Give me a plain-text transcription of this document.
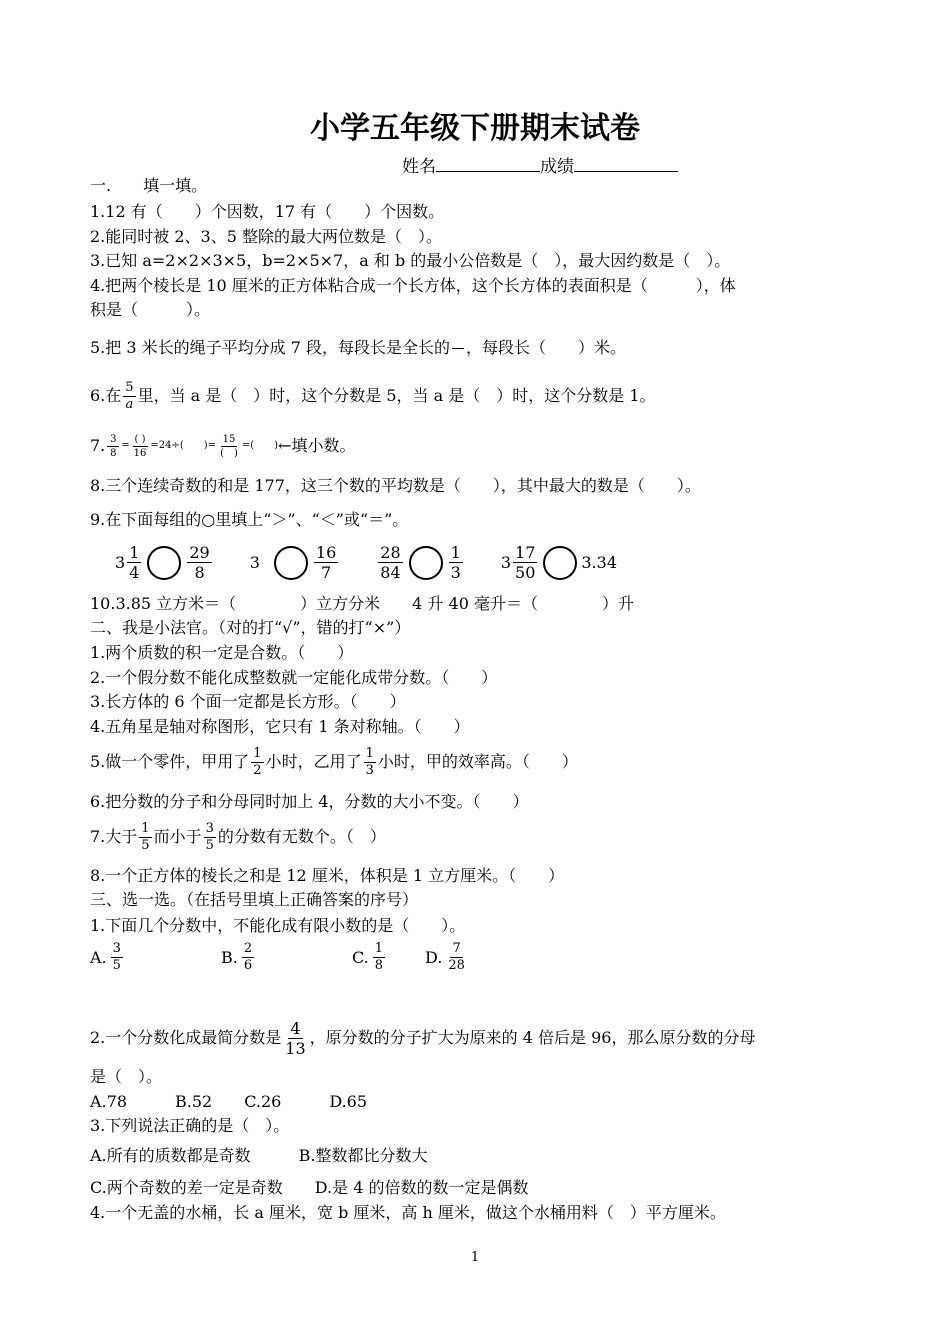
小学五年级下册期末试卷
姓名	成绩
一.　　填一填。
1.12 有（　　）个因数，17 有（　　）个因数。
2.能同时被 2、3、5 整除的最大两位数是（　）。
3.已知 a=2×2×3×5，b=2×5×7，a 和 b 的最小公倍数是（　），最大因约数是（　）。
4.把两个棱长是 10 厘米的正方体粘合成一个长方体，这个长方体的表面积是（　　　），体
积是（　　　）。
5.把 3 米长的绳子平均分成 7 段，每段长是全长的 ，每段长（　　）米。
6.在 $\frac{5}{a}$ 里，当 a 是（　）时，这个分数是 5，当 a 是（　）时，这个分数是 1。
7. $\frac{3}{8}$ =
( )
16
=24÷(　　)=
15
(　)
=(　　) ←填小数。
8.三个连续奇数的和是 177，这三个数的平均数是（　　），其中最大的数是（　　）。
9.在下面每组的○里填上“＞”、“＜”或“＝”。
$3 \frac{1}{4}$	$\frac{29}{8} 3$	$\frac{16}{7}$	$\frac{28}{84}$	$\frac{1}{3} 3 \frac{17}{50}$	3.34
10.3.85 立方米＝（　　　　）立方分米　　4 升 40 毫升＝（　　　　）升
二、我是小法官。（对的打“√”，错的打“×”）
1.两个质数的积一定是合数。（　　）
2.一个假分数不能化成整数就一定能化成带分数。（　　）
3.长方体的 6 个面一定都是长方形。（　　）
4.五角星是轴对称图形，它只有 1 条对称轴。（　　）
5.做一个零件，甲用了 $\frac{1}{2}$ 小时，乙用了 $\frac{1}{3}$ 小时，甲的效率高。（　　）
6.把分数的分子和分母同时加上 4，分数的大小不变。（　　）
7.大于 $\frac{1}{5}$ 而小于 $\frac{3}{5}$ 的分数有无数个。（　）
8.一个正方体的棱长之和是 12 厘米，体积是 1 立方厘米。（　　）
三、选一选。（在括号里填上正确答案的序号）
1.下面几个分数中，不能化成有限小数的是（　　）。
A. $\frac{3}{5}$	B. $\frac{2}{6}$	C. $\frac{1}{8} D$. $\frac{7}{28}$
2.一个分数化成最简分数是 $\frac{4}{13}$ ，原分数的分子扩大为原来的 4 倍后是 96，那么原分数的分母
是（　）。
A.78　　　B.52　　C.26　　　D.65
3.下列说法正确的是（　）。
A.所有的质数都是奇数　　　B.整数都比分数大
C.两个奇数的差一定是奇数　　D.是 4 的倍数的数一定是偶数
4.一个无盖的水桶，长 a 厘米，宽 b 厘米，高 h 厘米，做这个水桶用料（　）平方厘米。
1
